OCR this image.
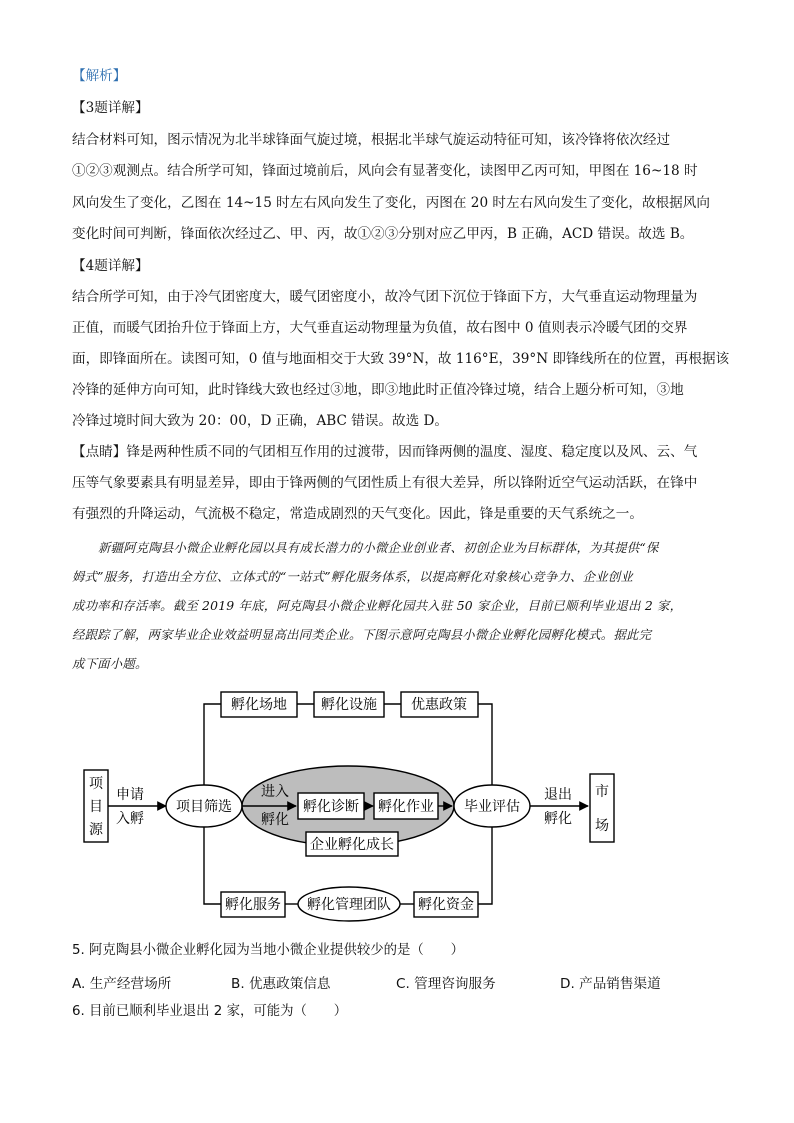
【解析】
【3题详解】
结合材料可知，图示情况为北半球锋面气旋过境，根据北半球气旋运动特征可知，该冷锋将依次经过
①②③观测点。结合所学可知，锋面过境前后，风向会有显著变化，读图甲乙丙可知，甲图在 16~18 时
风向发生了变化，乙图在 14~15 时左右风向发生了变化，丙图在 20 时左右风向发生了变化，故根据风向
变化时间可判断，锋面依次经过乙、甲、丙，故①②③分别对应乙甲丙，B 正确，ACD 错误。故选 B。
【4题详解】
结合所学可知，由于冷气团密度大，暖气团密度小，故冷气团下沉位于锋面下方，大气垂直运动物理量为
正值，而暖气团抬升位于锋面上方，大气垂直运动物理量为负值，故右图中 0 值则表示冷暖气团的交界
面，即锋面所在。读图可知，0 值与地面相交于大致 39°N，故 116°E，39°N 即锋线所在的位置，再根据该
冷锋的延伸方向可知，此时锋线大致也经过③地，即③地此时正值冷锋过境，结合上题分析可知，③地
冷锋过境时间大致为 20：00，D 正确，ABC 错误。故选 D。
【点睛】锋是两种性质不同的气团相互作用的过渡带，因而锋两侧的温度、湿度、稳定度以及风、云、气
压等气象要素具有明显差异，即由于锋两侧的气团性质上有很大差异，所以锋附近空气运动活跃，在锋中
有强烈的升降运动，气流极不稳定，常造成剧烈的天气变化。因此，锋是重要的天气系统之一。
新疆阿克陶县小微企业孵化园以具有成长潜力的小微企业创业者、初创企业为目标群体，为其提供“保
姆式”服务，打造出全方位、立体式的“一站式”孵化服务体系，以提高孵化对象核心竞争力、企业创业
成功率和存活率。截至 2019 年底，阿克陶县小微企业孵化园共入驻 50 家企业，目前已顺利毕业退出 2 家，
经跟踪了解，两家毕业企业效益明显高出同类企业。下图示意阿克陶县小微企业孵化园孵化模式。据此完
成下面小题。
项
目
源
申请
入孵
项目筛选
进入
孵化
孵化诊断 孵化作业
企业孵化成长
毕业评估
退出
孵化
市
场
孵化场地 孵化设施 优惠政策
孵化服务 孵化管理团队 孵化资金
5. 阿克陶县小微企业孵化园为当地小微企业提供较少的是（　　）
A. 生产经营场所	B. 优惠政策信息	C. 管理咨询服务	D. 产品销售渠道
6. 目前已顺利毕业退出 2 家，可能为（　　）
